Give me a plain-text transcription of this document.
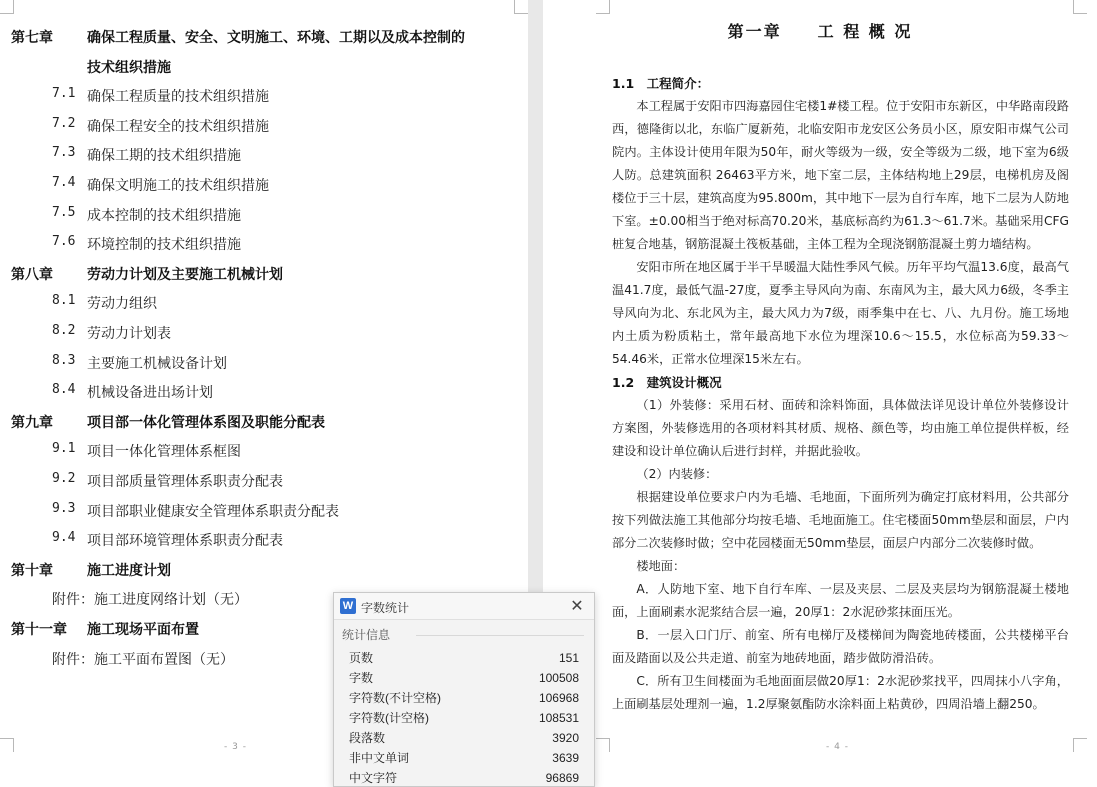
第七章 确保工程质量、安全、文明施工、环境、工期以及成本控制的
技术组织措施
7.1 确保工程质量的技术组织措施
7.2 确保工程安全的技术组织措施
7.3 确保工期的技术组织措施
7.4 确保文明施工的技术组织措施
7.5 成本控制的技术组织措施
7.6 环境控制的技术组织措施
第八章 劳动力计划及主要施工机械计划
8.1 劳动力组织
8.2 劳动力计划表
8.3 主要施工机械设备计划
8.4 机械设备进出场计划
第九章 项目部一体化管理体系图及职能分配表
9.1 项目一体化管理体系框图
9.2 项目部质量管理体系职责分配表
9.3 项目部职业健康安全管理体系职责分配表
9.4 项目部环境管理体系职责分配表
第十章 施工进度计划
附件：施工进度网络计划（无）
第十一章 施工现场平面布置
附件：施工平面布置图（无）
- 3 -
第一章　　工 程 概 况
1.1　工程简介：
本工程属于安阳市四海嘉园住宅楼1#楼工程。位于安阳市东新区，中华路南段路西，德隆街以北，东临广厦新苑，北临安阳市龙安区公务员小区，原安阳市煤气公司院内。主体设计使用年限为50年，耐火等级为一级，安全等级为二级，地下室为6级人防。总建筑面积 26463平方米，地下室二层，主体结构地上29层，电梯机房及阁楼位于三十层，建筑高度为95.800m，其中地下一层为自行车库，地下二层为人防地下室。±0.00相当于绝对标高70.20米，基底标高约为61.3～61.7米。基础采用CFG桩复合地基，钢筋混凝土筏板基础，主体工程为全现浇钢筋混凝土剪力墙结构。
安阳市所在地区属于半干旱暖温大陆性季风气候。历年平均气温13.6度，最高气温41.7度，最低气温-27度，夏季主导风向为南、东南风为主，最大风力6级，冬季主导风向为北、东北风为主，最大风力为7级，雨季集中在七、八、九月份。施工场地内土质为粉质粘土，常年最高地下水位为埋深10.6～15.5，水位标高为59.33～54.46米，正常水位埋深15米左右。
1.2　建筑设计概况
（1）外装修：采用石材、面砖和涂料饰面，具体做法详见设计单位外装修设计方案图，外装修选用的各项材料其材质、规格、颜色等，均由施工单位提供样板，经建设和设计单位确认后进行封样，并据此验收。
（2）内装修：
根据建设单位要求户内为毛墙、毛地面，下面所列为确定打底材料用，公共部分按下列做法施工其他部分均按毛墙、毛地面施工。住宅楼面50mm垫层和面层，户内部分二次装修时做；空中花园楼面无50mm垫层，面层户内部分二次装修时做。
楼地面：
A．人防地下室、地下自行车库、一层及夹层、二层及夹层均为钢筋混凝土楼地面，上面刷素水泥浆结合层一遍，20厚1：2水泥砂浆抹面压光。
B．一层入口门厅、前室、所有电梯厅及楼梯间为陶瓷地砖楼面，公共楼梯平台面及踏面以及公共走道、前室为地砖地面，踏步做防滑沿砖。
C．所有卫生间楼面为毛地面面层做20厚1：2水泥砂浆找平，四周抹小八字角，上面刷基层处理剂一遍，1.2厚聚氨酯防水涂料面上粘黄砂，四周沿墙上翻250。
- 4 -
W 字数统计	✕
统计信息
页数	151
字数	100508
字符数(不计空格)	106968
字符数(计空格)	108531
段落数	3920
非中文单词	3639
中文字符	96869
